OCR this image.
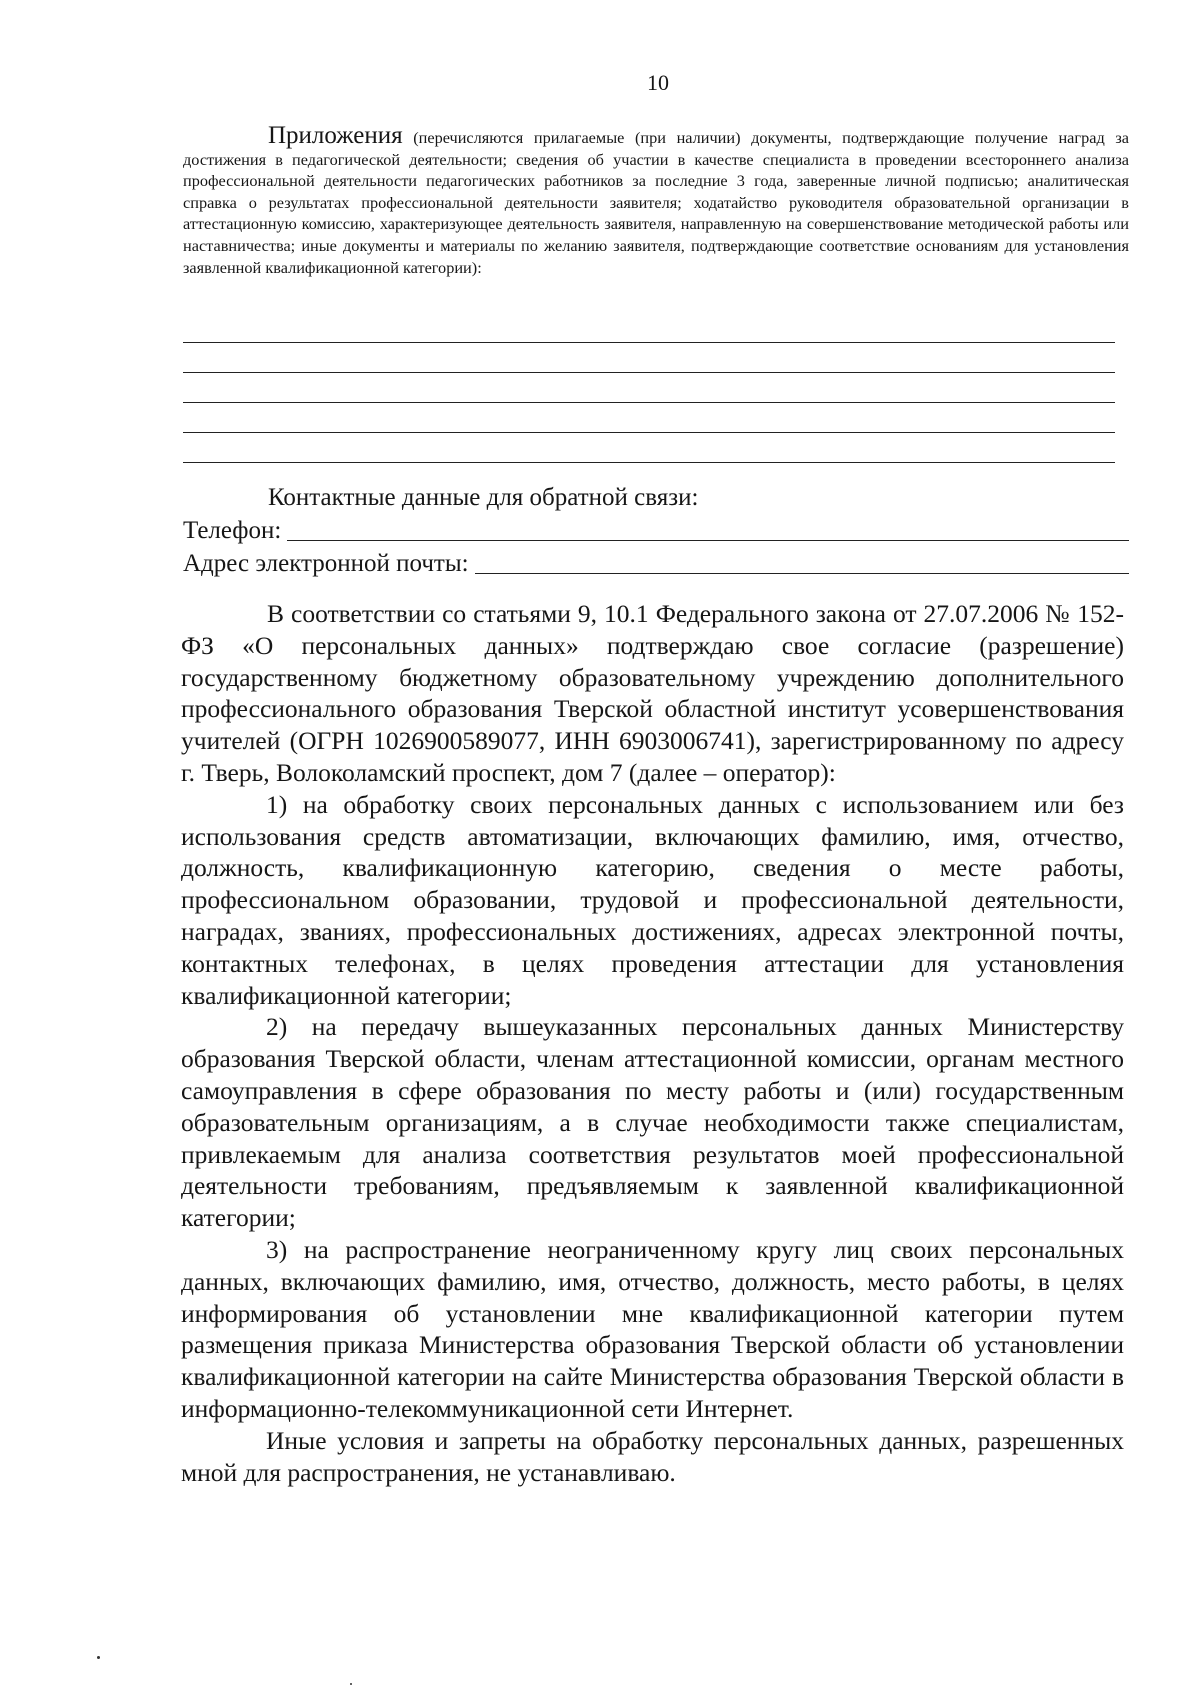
10
Приложения (перечисляются прилагаемые (при наличии) документы, подтверждающие получение наград за достижения в педагогической деятельности; сведения об участии в качестве специалиста в проведении всестороннего анализа профессиональной деятельности педагогических работников за последние 3 года, заверенные личной подписью; аналитическая справка о результатах профессиональной деятельности заявителя; ходатайство руководителя образовательной организации в аттестационную комиссию, характеризующее деятельность заявителя, направленную на совершенствование методической работы или наставничества; иные документы и материалы по желанию заявителя, подтверждающие соответствие основаниям для установления заявленной квалификационной категории):
Контактные данные для обратной связи:
Телефон:
Адрес электронной почты:

В соответствии со статьями 9, 10.1 Федерального закона от 27.07.2006 № 152-ФЗ «О персональных данных» подтверждаю свое согласие (разрешение) государственному бюджетному образовательному учреждению дополнительного профессионального образования Тверской областной институт усовершенствования учителей (ОГРН 1026900589077, ИНН 6903006741), зарегистрированному по адресу г. Тверь, Волоколамский проспект, дом 7 (далее – оператор):

1) на обработку своих персональных данных с использованием или без использования средств автоматизации, включающих фамилию, имя, отчество, должность, квалификационную категорию, сведения о месте работы, профессиональном образовании, трудовой и профессиональной деятельности, наградах, званиях, профессиональных достижениях, адресах электронной почты, контактных телефонах, в целях проведения аттестации для установления квалификационной категории;

2) на передачу вышеуказанных персональных данных Министерству образования Тверской области, членам аттестационной комиссии, органам местного самоуправления в сфере образования по месту работы и (или) государственным образовательным организациям, а в случае необходимости также специалистам, привлекаемым для анализа соответствия результатов моей профессиональной деятельности требованиям, предъявляемым к заявленной квалификационной категории;

3) на распространение неограниченному кругу лиц своих персональных данных, включающих фамилию, имя, отчество, должность, место работы, в целях информирования об установлении мне квалификационной категории путем размещения приказа Министерства образования Тверской области об установлении квалификационной категории на сайте Министерства образования Тверской области в информационно-телекоммуникационной сети Интернет.

Иные условия и запреты на обработку персональных данных, разрешенных мной для распространения, не устанавливаю.
